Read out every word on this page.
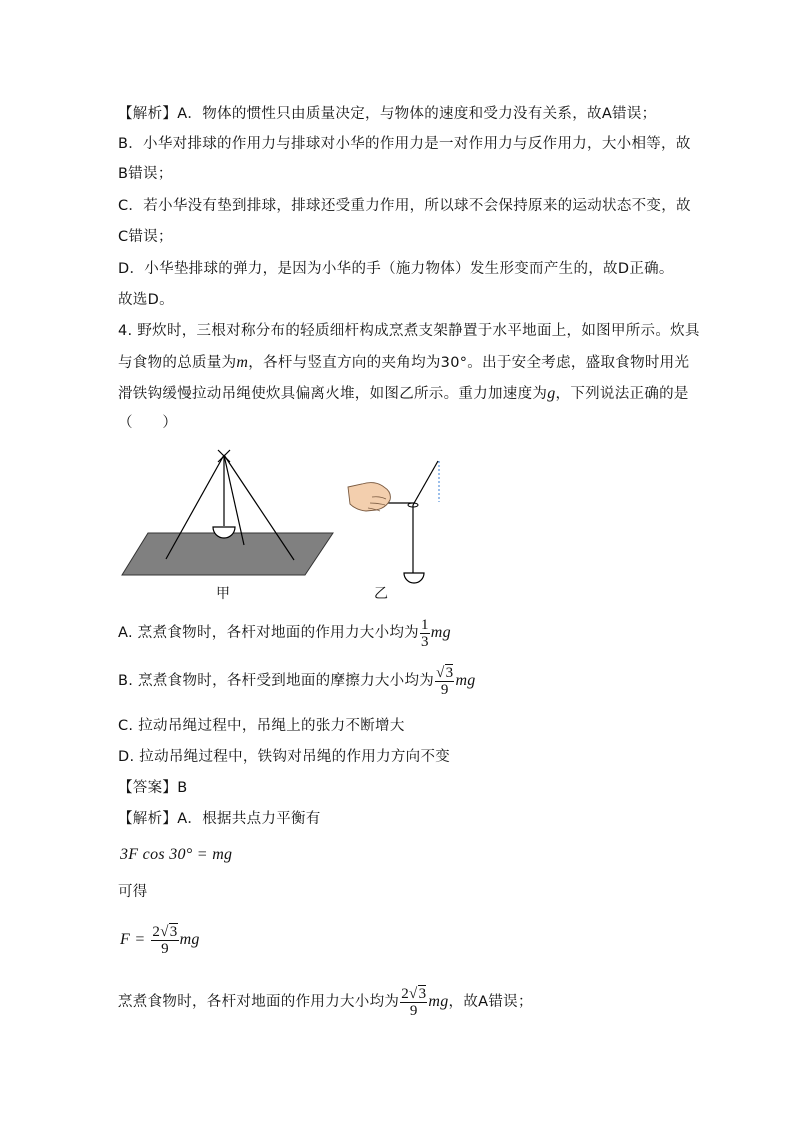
【解析】A．物体的惯性只由质量决定，与物体的速度和受力没有关系，故A错误；
B．小华对排球的作用力与排球对小华的作用力是一对作用力与反作用力，大小相等，故
B错误；
C．若小华没有垫到排球，排球还受重力作用，所以球不会保持原来的运动状态不变，故
C错误；
D．小华垫排球的弹力，是因为小华的手（施力物体）发生形变而产生的，故D正确。
故选D。
4. 野炊时，三根对称分布的轻质细杆构成烹煮支架静置于水平地面上，如图甲所示。炊具
与食物的总质量为m，各杆与竖直方向的夹角均为30°。出于安全考虑，盛取食物时用光
滑铁钩缓慢拉动吊绳使炊具偏离火堆，如图乙所示。重力加速度为g，下列说法正确的是
（　　）
甲	乙
A. 烹煮食物时，各杆对地面的作用力大小均为 $\frac{1}{3}$ mg
B. 烹煮食物时，各杆受到地面的摩擦力大小均为 $\frac{√3}{9}$ mg
C. 拉动吊绳过程中，吊绳上的张力不断增大
D. 拉动吊绳过程中，铁钩对吊绳的作用力方向不变
【答案】B
【解析】A．根据共点力平衡有
3F cos 30° = mg
可得
F =
$\frac{2√3}{9}$ mg
烹煮食物时，各杆对地面的作用力大小均为 $\frac{2√3}{9}$ mg ，故A错误；
